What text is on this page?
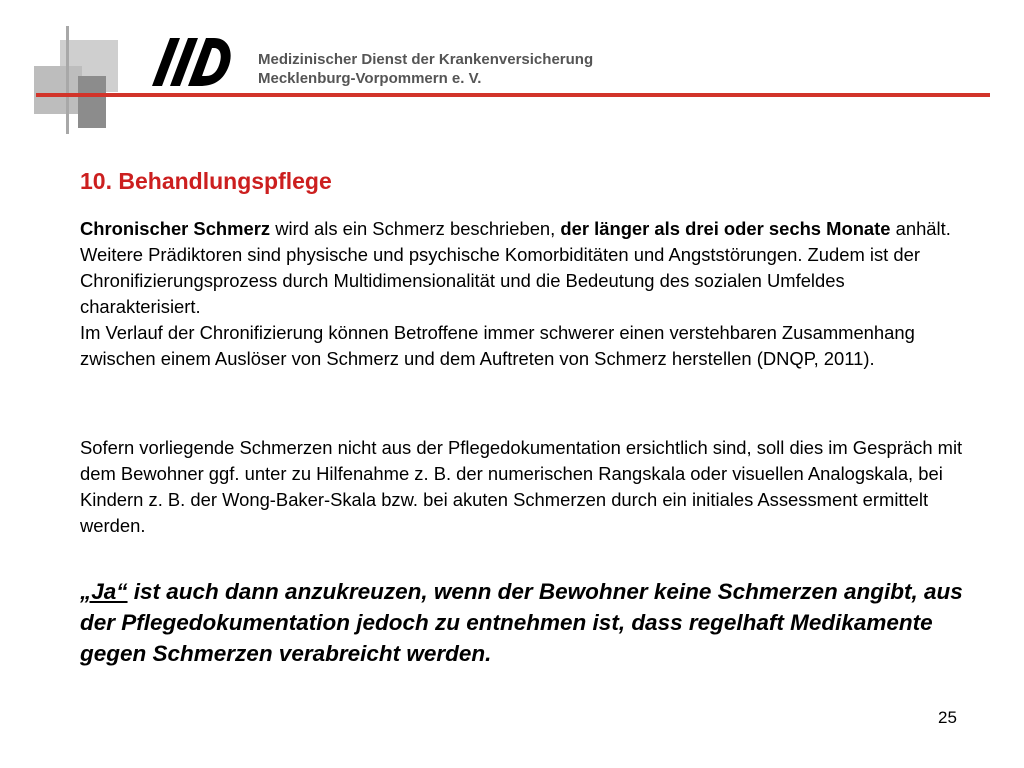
Medizinischer Dienst der Krankenversicherung
Mecklenburg-Vorpommern e. V.
10. Behandlungspflege

Chronischer Schmerz wird als ein Schmerz beschrieben, der länger als drei oder sechs Monate anhält. Weitere Prädiktoren sind physische und psychische Komorbiditäten und Angststörungen. Zudem ist der Chronifizierungsprozess durch Multidimensionalität und die Bedeutung des sozialen Umfeldes charakterisiert.
Im Verlauf der Chronifizierung können Betroffene immer schwerer einen verstehbaren Zusammenhang zwischen einem Auslöser von Schmerz und dem Auftreten von Schmerz herstellen (DNQP, 2011).

Sofern vorliegende Schmerzen nicht aus der Pflegedokumentation ersichtlich sind, soll dies im Gespräch mit dem Bewohner ggf. unter zu Hilfenahme z. B. der numerischen Rangskala oder visuellen Analogskala, bei Kindern z. B. der Wong-Baker-Skala bzw. bei akuten Schmerzen durch ein initiales Assessment ermittelt werden.

„Ja“ ist auch dann anzukreuzen, wenn der Bewohner keine Schmerzen angibt, aus der Pflegedokumentation jedoch zu entnehmen ist, dass regelhaft Medikamente gegen Schmerzen verabreicht werden.

25
